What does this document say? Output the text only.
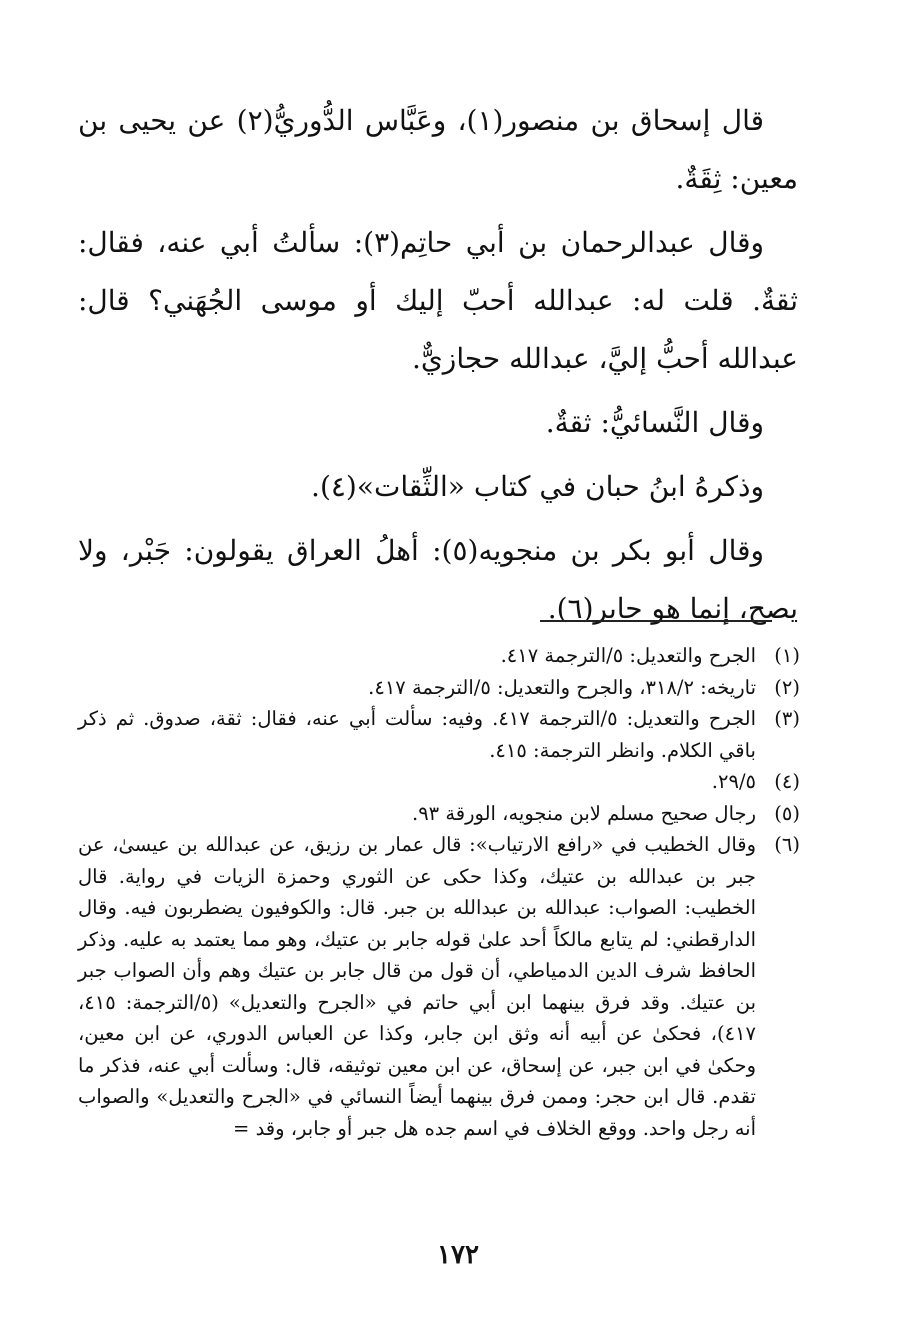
قال إسحاق بن منصور(١)، وعَبَّاس الدُّوريُّ(٢) عن يحيى بن معين: ثِقَةٌ.

وقال عبدالرحمان بن أبي حاتِم(٣): سألتُ أبي عنه، فقال: ثقةٌ. قلت له: عبدالله أحبّ إليك أو موسى الجُهَني؟ قال: عبدالله أحبُّ إليَّ، عبدالله حجازيٌّ.

وقال النَّسائيُّ: ثقةٌ.

وذكرهُ ابنُ حبان في كتاب «الثِّقات»(٤).

وقال أبو بكر بن منجويه(٥): أهلُ العراق يقولون: جَبْر، ولا يصح، إنما هو جابر(٦).

(١)
الجرح والتعديل: ٥/الترجمة ٤١٧.
(٢)
تاريخه: ٣١٨/٢، والجرح والتعديل: ٥/الترجمة ٤١٧.
(٣)
الجرح والتعديل: ٥/الترجمة ٤١٧. وفيه: سألت أبي عنه، فقال: ثقة، صدوق. ثم ذكر باقي الكلام. وانظر الترجمة: ٤١٥.
(٤)
٢٩/٥.
(٥)
رجال صحيح مسلم لابن منجويه، الورقة ٩٣.
(٦)
وقال الخطيب في «رافع الارتياب»: قال عمار بن رزيق، عن عبدالله بن عيسىٰ، عن جبر بن عبدالله بن عتيك، وكذا حكى عن الثوري وحمزة الزيات في رواية. قال الخطيب: الصواب: عبدالله بن عبدالله بن جبر. قال: والكوفيون يضطربون فيه. وقال الدارقطني: لم يتابع مالكاً أحد علىٰ قوله جابر بن عتيك، وهو مما يعتمد به عليه. وذكر الحافظ شرف الدين الدمياطي، أن قول من قال جابر بن عتيك وهم وأن الصواب جبر بن عتيك. وقد فرق بينهما ابن أبي حاتم في «الجرح والتعديل» (٥/الترجمة: ٤١٥، ٤١٧)، فحكىٰ عن أبيه أنه وثق ابن جابر، وكذا عن العباس الدوري، عن ابن معين، وحكىٰ في ابن جبر، عن إسحاق، عن ابن معين توثيقه، قال: وسألت أبي عنه، فذكر ما تقدم. قال ابن حجر: وممن فرق بينهما أيضاً النسائي في «الجرح والتعديل» والصواب أنه رجل واحد. ووقع الخلاف في اسم جده هل جبر أو جابر، وقد =
١٧٢
